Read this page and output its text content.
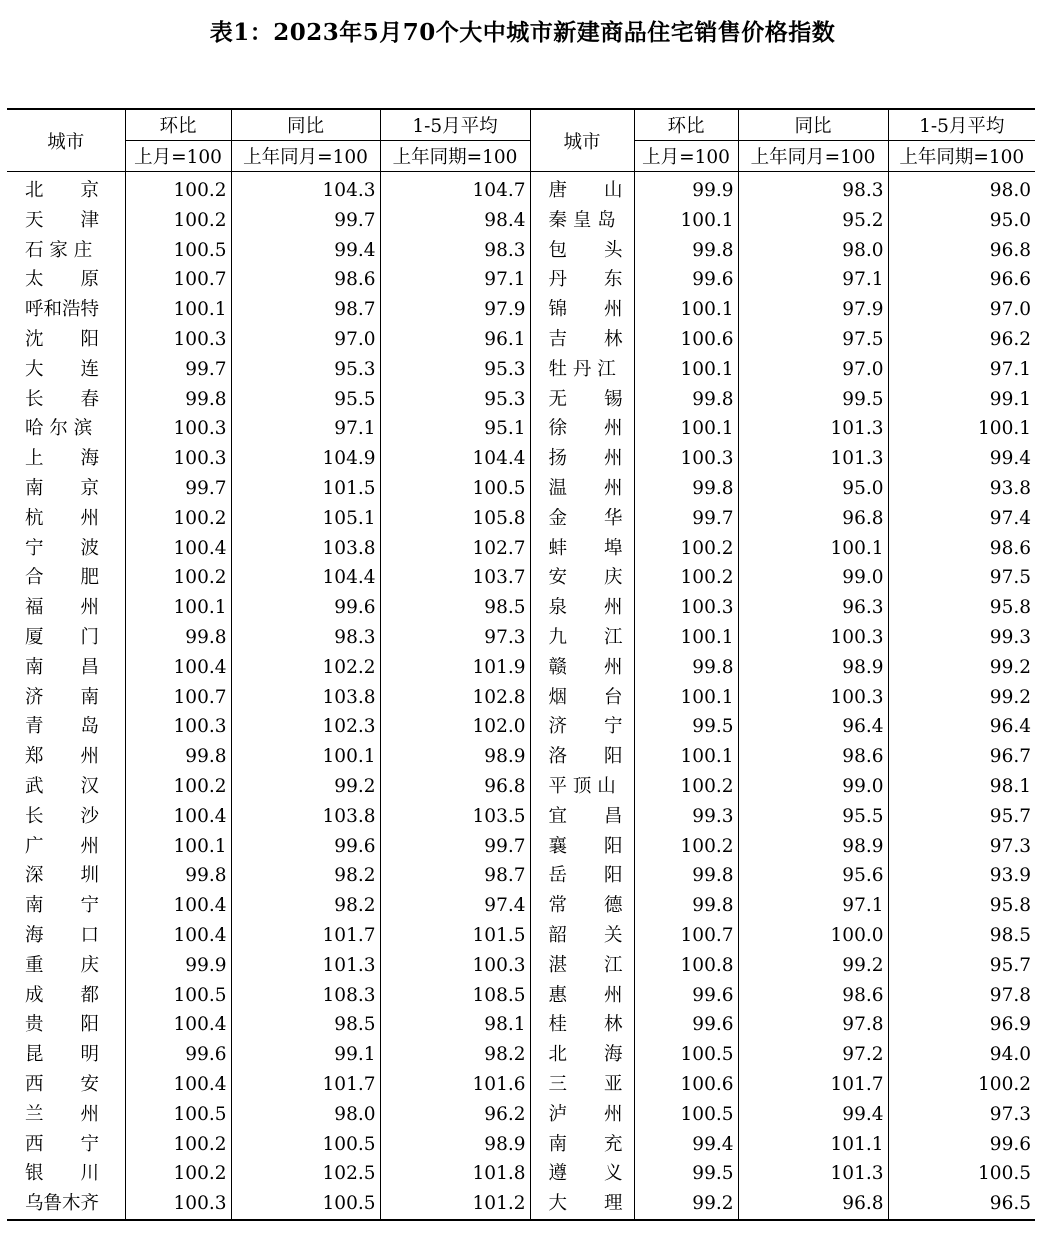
表1：2023年5月70个大中城市新建商品住宅销售价格指数
城市	环比	同比	1-5月平均	城市	环比	同比	1-5月平均
	上月=100	上年同月=100	上年同期=100		上月=100	上年同月=100	上年同期=100
北　　京	100.2	104.3	104.7	唐　　山	99.9	98.3	98.0
天　　津	100.2	99.7	98.4	秦 皇 岛	100.1	95.2	95.0
石 家 庄	100.5	99.4	98.3	包　　头	99.8	98.0	96.8
太　　原	100.7	98.6	97.1	丹　　东	99.6	97.1	96.6
呼和浩特	100.1	98.7	97.9	锦　　州	100.1	97.9	97.0
沈　　阳	100.3	97.0	96.1	吉　　林	100.6	97.5	96.2
大　　连	99.7	95.3	95.3	牡 丹 江	100.1	97.0	97.1
长　　春	99.8	95.5	95.3	无　　锡	99.8	99.5	99.1
哈 尔 滨	100.3	97.1	95.1	徐　　州	100.1	101.3	100.1
上　　海	100.3	104.9	104.4	扬　　州	100.3	101.3	99.4
南　　京	99.7	101.5	100.5	温　　州	99.8	95.0	93.8
杭　　州	100.2	105.1	105.8	金　　华	99.7	96.8	97.4
宁　　波	100.4	103.8	102.7	蚌　　埠	100.2	100.1	98.6
合　　肥	100.2	104.4	103.7	安　　庆	100.2	99.0	97.5
福　　州	100.1	99.6	98.5	泉　　州	100.3	96.3	95.8
厦　　门	99.8	98.3	97.3	九　　江	100.1	100.3	99.3
南　　昌	100.4	102.2	101.9	赣　　州	99.8	98.9	99.2
济　　南	100.7	103.8	102.8	烟　　台	100.1	100.3	99.2
青　　岛	100.3	102.3	102.0	济　　宁	99.5	96.4	96.4
郑　　州	99.8	100.1	98.9	洛　　阳	100.1	98.6	96.7
武　　汉	100.2	99.2	96.8	平 顶 山	100.2	99.0	98.1
长　　沙	100.4	103.8	103.5	宜　　昌	99.3	95.5	95.7
广　　州	100.1	99.6	99.7	襄　　阳	100.2	98.9	97.3
深　　圳	99.8	98.2	98.7	岳　　阳	99.8	95.6	93.9
南　　宁	100.4	98.2	97.4	常　　德	99.8	97.1	95.8
海　　口	100.4	101.7	101.5	韶　　关	100.7	100.0	98.5
重　　庆	99.9	101.3	100.3	湛　　江	100.8	99.2	95.7
成　　都	100.5	108.3	108.5	惠　　州	99.6	98.6	97.8
贵　　阳	100.4	98.5	98.1	桂　　林	99.6	97.8	96.9
昆　　明	99.6	99.1	98.2	北　　海	100.5	97.2	94.0
西　　安	100.4	101.7	101.6	三　　亚	100.6	101.7	100.2
兰　　州	100.5	98.0	96.2	泸　　州	100.5	99.4	97.3
西　　宁	100.2	100.5	98.9	南　　充	99.4	101.1	99.6
银　　川	100.2	102.5	101.8	遵　　义	99.5	101.3	100.5
乌鲁木齐	100.3	100.5	101.2	大　　理	99.2	96.8	96.5
